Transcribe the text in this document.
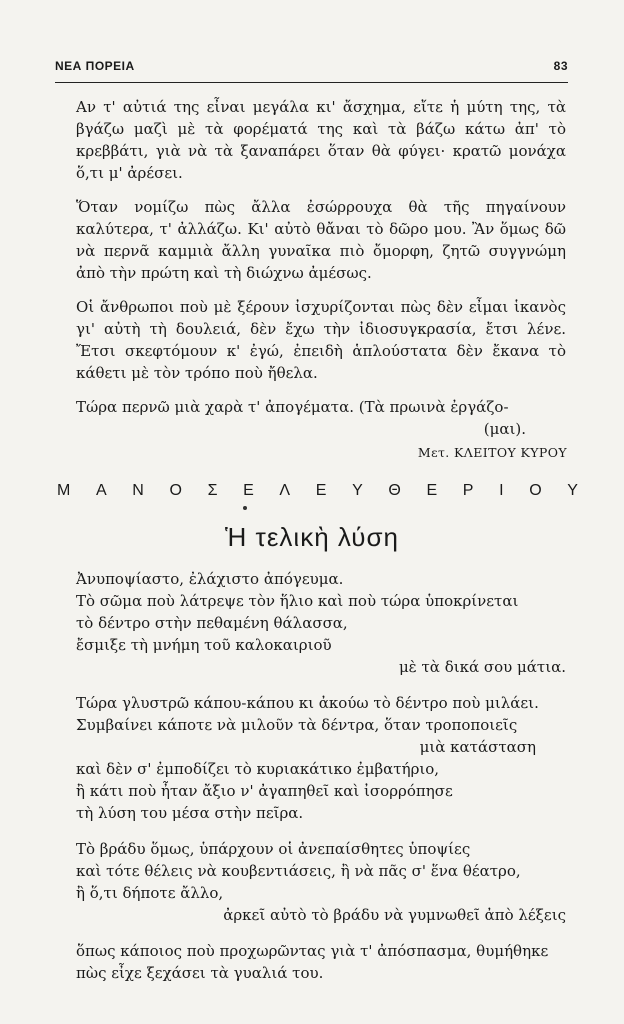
ΝΕΑ ΠΟΡΕΙΑ	83

Αν τ' αὐτιά της εἶναι μεγάλα κι' ἄσχημα, εἴτε ἡ μύτη της, τὰ βγάζω μαζὶ μὲ τὰ φορέματά της καὶ τὰ βάζω κάτω ἀπ' τὸ κρεββάτι, γιὰ νὰ τὰ ξαναπάρει ὅταν θὰ φύγει· κρατῶ μονάχα ὅ,τι μ' ἀρέσει.

Ὅταν νομίζω πὼς ἄλλα ἐσώρρουχα θὰ τῆς πηγαίνουν καλύτερα, τ' ἀλλάζω. Κι' αὐτὸ θἄναι τὸ δῶρο μου. Ἂν ὅμως δῶ νὰ περνᾶ καμμιὰ ἄλλη γυναῖκα πιὸ ὄμορφη, ζητῶ συγγνώμη ἀπὸ τὴν πρώτη καὶ τὴ διώχνω ἀμέσως.

Οἱ ἄνθρωποι ποὺ μὲ ξέρουν ἰσχυρίζονται πὼς δὲν εἶμαι ἱκανὸς γι' αὐτὴ τὴ δουλειά, δὲν ἔχω τὴν ἰδιοσυγκρασία, ἔτσι λένε. Ἔτσι σκεφτόμουν κ' ἐγώ, ἐπειδὴ ἁπλούστατα δὲν ἔκανα τὸ κάθετι μὲ τὸν τρόπο ποὺ ἤθελα.

Τώρα περνῶ μιὰ χαρὰ τ' ἀπογέματα. (Τὰ πρωινὰ ἐργάζο-

(μαι).
Μετ. ΚΛΕΙΤΟΥ ΚΥΡΟΥ
Μ Α Ν Ο Σ Ε Λ Ε Υ Θ Ε Ρ Ι Ο Υ
Ἡ τελικὴ λύση
Ἀνυποψίαστο, ἐλάχιστο ἀπόγευμα.
Τὸ σῶμα ποὺ λάτρεψε τὸν ἥλιο καὶ ποὺ τώρα ὑποκρίνεται
τὸ δέντρο στὴν πεθαμένη θάλασσα,
ἔσμιξε τὴ μνήμη τοῦ καλοκαιριοῦ
μὲ τὰ δικά σου μάτια.
Τώρα γλυστρῶ κάπου-κάπου κι ἀκούω τὸ δέντρο ποὺ μιλάει.
Συμβαίνει κάποτε νὰ μιλοῦν τὰ δέντρα, ὅταν τροποποιεῖς
μιὰ κατάσταση
καὶ δὲν σ' ἐμποδίζει τὸ κυριακάτικο ἐμβατήριο,
ἢ κάτι ποὺ ἦταν ἄξιο ν' ἀγαπηθεῖ καὶ ἰσορρόπησε
τὴ λύση του μέσα στὴν πεῖρα.
Τὸ βράδυ ὅμως, ὑπάρχουν οἱ ἀνεπαίσθητες ὑποψίες
καὶ τότε θέλεις νὰ κουβεντιάσεις, ἢ νὰ πᾶς σ' ἕνα θέατρο,
ἢ ὅ,τι δήποτε ἄλλο,
ἀρκεῖ αὐτὸ τὸ βράδυ νὰ γυμνωθεῖ ἀπὸ λέξεις
ὅπως κάποιος ποὺ προχωρῶντας γιὰ τ' ἀπόσπασμα, θυμήθηκε
πὼς εἶχε ξεχάσει τὰ γυαλιά του.
